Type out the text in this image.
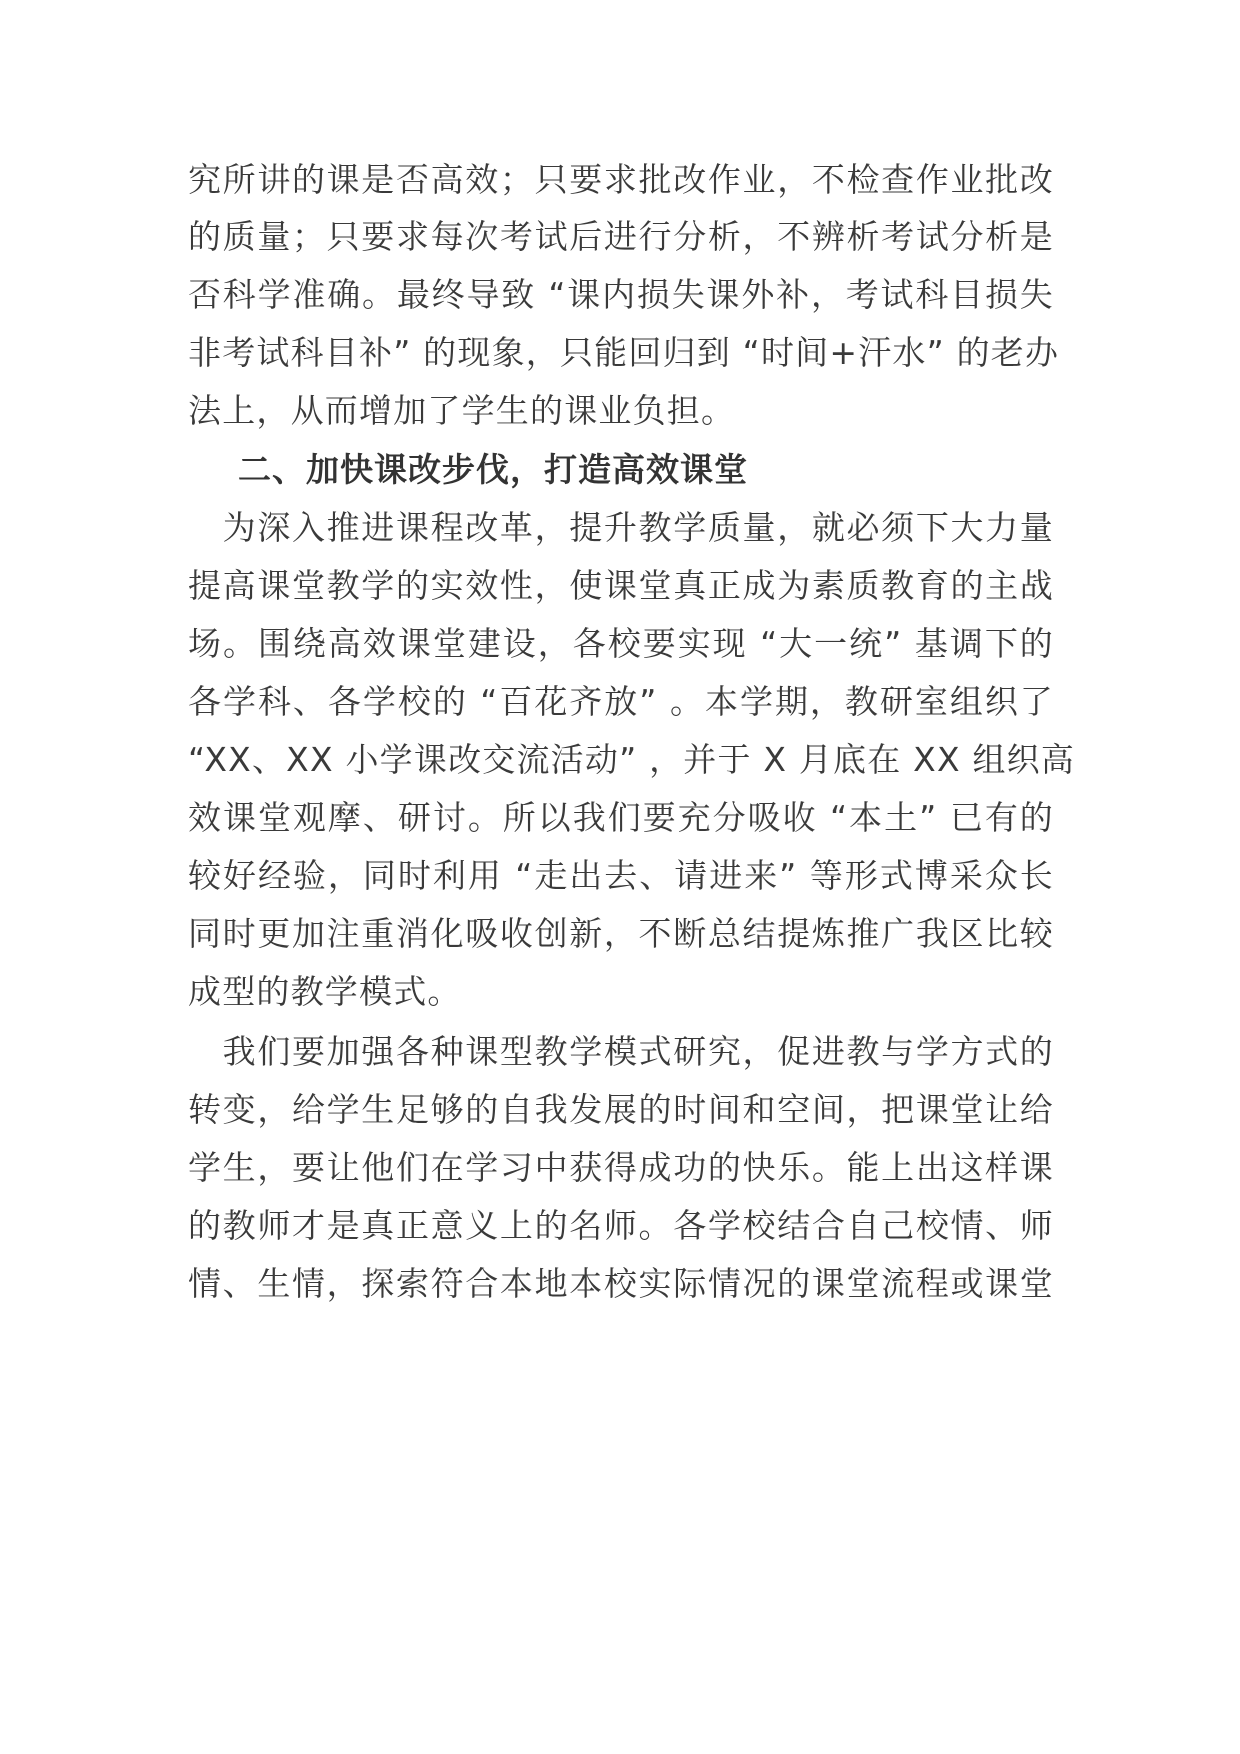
究所讲的课是否高效；只要求批改作业，不检查作业批改
的质量；只要求每次考试后进行分析，不辨析考试分析是
否科学准确。最终导致 “课内损失课外补，考试科目损失
非考试科目补” 的现象，只能回归到 “时间+汗水” 的老办
法上，从而增加了学生的课业负担。
二、加快课改步伐，打造高效课堂
　为深入推进课程改革，提升教学质量，就必须下大力量
提高课堂教学的实效性，使课堂真正成为素质教育的主战
场。围绕高效课堂建设，各校要实现 “大一统” 基调下的
各学科、各学校的 “百花齐放” 。本学期，教研室组织了
“XX、XX 小学课改交流活动” ，并于 X 月底在 XX 组织高
效课堂观摩、研讨。所以我们要充分吸收 “本土” 已有的
较好经验，同时利用 “走出去、请进来” 等形式博采众长
同时更加注重消化吸收创新，不断总结提炼推广我区比较
成型的教学模式。
　我们要加强各种课型教学模式研究，促进教与学方式的
转变，给学生足够的自我发展的时间和空间，把课堂让给
学生，要让他们在学习中获得成功的快乐。能上出这样课
的教师才是真正意义上的名师。各学校结合自己校情、师
情、生情，探索符合本地本校实际情况的课堂流程或课堂
